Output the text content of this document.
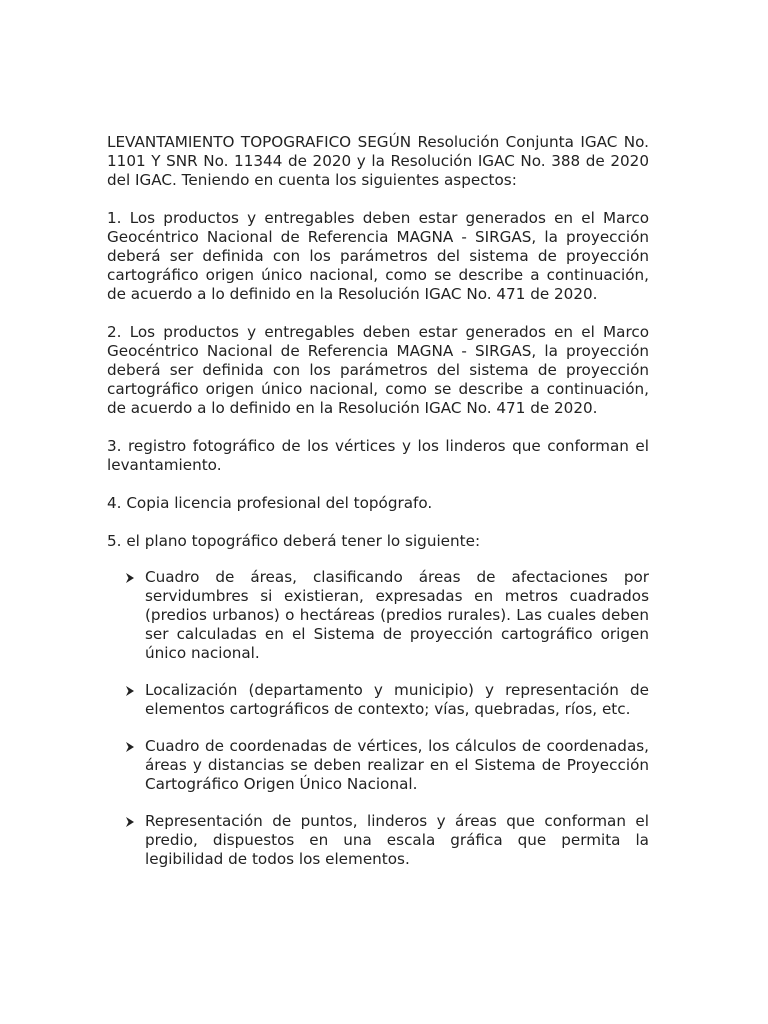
LEVANTAMIENTO TOPOGRAFICO SEGÚN Resolución Conjunta IGAC No. 1101 Y SNR No. 11344 de 2020 y la Resolución IGAC No. 388 de 2020 del IGAC. Teniendo en cuenta los siguientes aspectos:

1. Los productos y entregables deben estar generados en el Marco Geocéntrico Nacional de Referencia MAGNA - SIRGAS, la proyección deberá ser definida con los parámetros del sistema de proyección cartográfico origen único nacional, como se describe a continuación, de acuerdo a lo definido en la Resolución IGAC No. 471 de 2020.

2. Los productos y entregables deben estar generados en el Marco Geocéntrico Nacional de Referencia MAGNA - SIRGAS, la proyección deberá ser definida con los parámetros del sistema de proyección cartográfico origen único nacional, como se describe a continuación, de acuerdo a lo definido en la Resolución IGAC No. 471 de 2020.

3. registro fotográfico de los vértices y los linderos que conforman el levantamiento.

4. Copia licencia profesional del topógrafo.

5. el plano topográfico deberá tener lo siguiente:

Cuadro de áreas, clasificando áreas de afectaciones por servidumbres si existieran, expresadas en metros cuadrados (predios urbanos) o hectáreas (predios rurales). Las cuales deben ser calculadas en el Sistema de proyección cartográfico origen único nacional.
Localización (departamento y municipio) y representación de elementos cartográficos de contexto; vías, quebradas, ríos, etc.
Cuadro de coordenadas de vértices, los cálculos de coordenadas, áreas y distancias se deben realizar en el Sistema de Proyección Cartográfico Origen Único Nacional.
Representación de puntos, linderos y áreas que conforman el predio, dispuestos en una escala gráfica que permita la legibilidad de todos los elementos.
